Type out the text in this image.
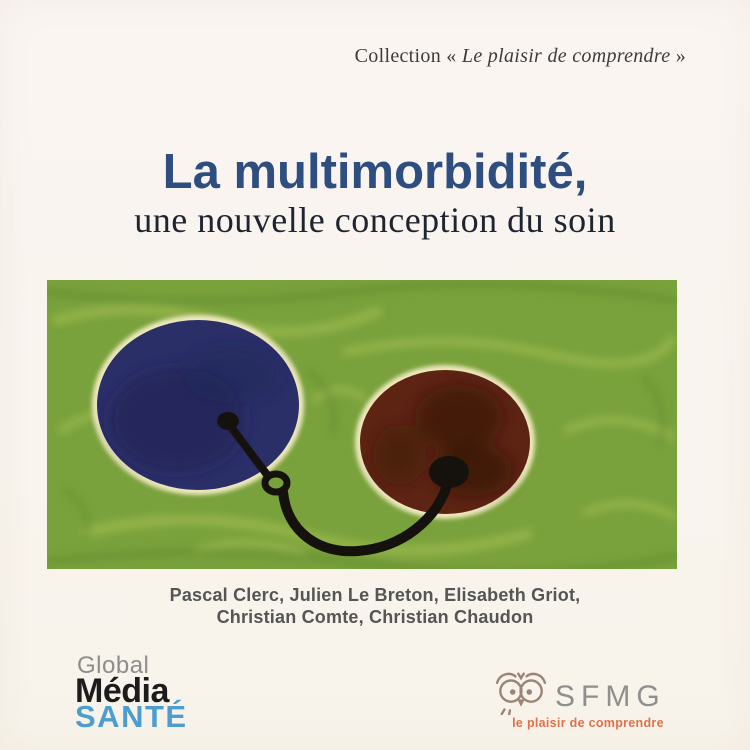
Collection « Le plaisir de comprendre »
La multimorbidité,
une nouvelle conception du soin
Pascal Clerc, Julien Le Breton, Elisabeth Griot,
Christian Comte, Christian Chaudon
Global
Média
SANTÉ
SFMG
le plaisir de comprendre
